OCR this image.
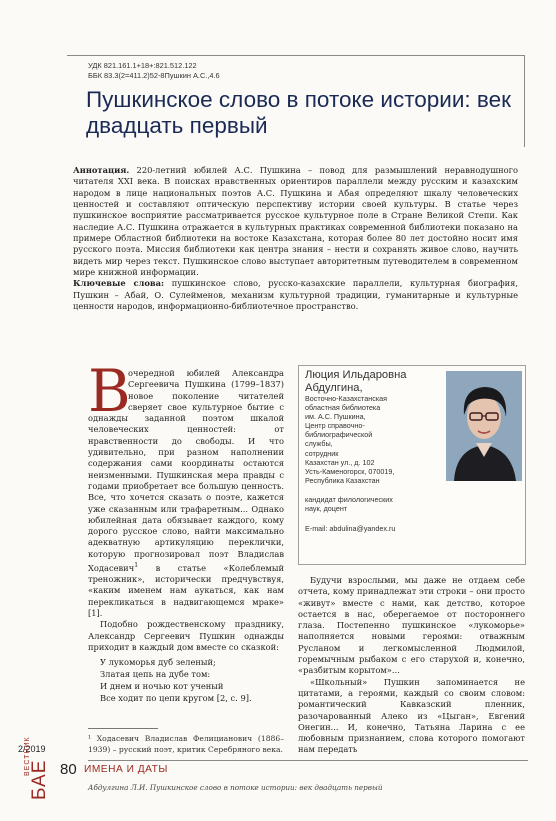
УДК 821.161.1+18+:821.512.122
ББК 83.3(2=411.2)52-8Пушкин А.С.,4.6
Пушкинское слово в потоке истории: век двадцать первый
Аннотация. 220-летний юбилей А.С. Пушкина – повод для размышлений неравнодушного читателя XXI века. В поисках нравственных ориентиров параллели между русским и казахским народом в лице национальных поэтов А.С. Пушкина и Абая определяют шкалу человеческих ценностей и составляют оптическую перспективу истории своей культуры. В статье через пушкинское восприятие рассматривается русское культурное поле в Стране Великой Степи. Как наследие А.С. Пушкина отражается в культурных практиках современной библиотеки показано на примере Областной библиотеки на востоке Казахстана, которая более 80 лет достойно носит имя русского поэта. Миссия библиотеки как центра знания – нести и сохранять живое слово, научить видеть мир через текст. Пушкинское слово выступает авторитетным путеводителем в современном мире книжной информации.
Ключевые слова: пушкинское слово, русско-казахские параллели, культурная биография, Пушкин – Абай, О. Сулейменов, механизм культурной традиции, гуманитарные и культурные ценности народов, информационно-библиотечное пространство.

В
очередной юбилей Александра Сергеевича Пушкина (1799–1837) новое поколение читателей сверяет свое культурное бытие с однажды заданной поэтом шкалой человеческих ценностей: от нравственности до свободы. И что удивительно, при разном наполнении содержания сами координаты остаются неизменными. Пушкинская мера правды с годами приобретает все большую ценность. Все, что хочется сказать о поэте, кажется уже сказанным или трафаретным... Однако юбилейная дата обязывает каждого, кому дорого русское слово, найти максимально адекватную артикуляцию переклички, которую прогнозировал поэт Владислав Ходасевич$^1$ в статье «Колеблемый треножник», исторически предчувствуя, «каким именем нам аукаться, как нам перекликаться в надвигающемся мраке» [1].

Подобно рождественскому празднику, Александр Сергеевич Пушкин однажды приходит в каждый дом вместе со сказкой:

У лукоморья дуб зеленый;
Златая цепь на дубе том:
И днем и ночью кот ученый
Все ходит по цепи кругом [2, с. 9].
¹ Ходасевич Владислав Фелицианович (1886–1939) – русский поэт, критик Серебряного века.
Люция Ильдаровна Абдулгина,
Восточно-Казахстанская
областная библиотека
им. А.С. Пушкина,
Центр справочно-
библиографической
службы,
сотрудник
Казахстан ул., д. 102
Усть-Каменогорск, 070019,
Республика Казахстан
кандидат филологических
наук, доцент
E-mail: abdulina@yandex.ru

Будучи взрослыми, мы даже не отдаем себе отчета, кому принадлежат эти строки – они просто «живут» вместе с нами, как детство, которое остается в нас, оберегаемое от постороннего глаза. Постепенно пушкинское «лукоморье» наполняется новыми героями: отважным Русланом и легкомысленной Людмилой, горемычным рыбаком с его старухой и, конечно, «разбитым корытом»...

«Школьный» Пушкин запоминается не цитатами, а героями, каждый со своим словом: романтический Кавказский пленник, разочарованный Алеко из «Цыган», Евгений Онегин... И, конечно, Татьяна Ларина с ее любовным признанием, слова которого помогают нам передать

2/2019
ВЕСТНИК
БАЕ 80 ИМЕНА И ДАТЫ
Абдулгина Л.И. Пушкинское слово в потоке истории: век двадцать первый
